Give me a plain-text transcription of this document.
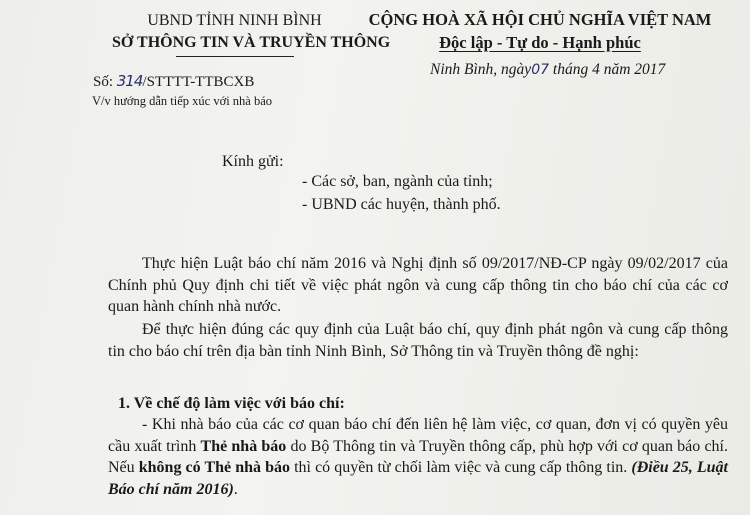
UBND TỈNH NINH BÌNH
SỞ THÔNG TIN VÀ TRUYỀN THÔNG
CỘNG HOÀ XÃ HỘI CHỦ NGHĨA VIỆT NAM
Độc lập - Tự do - Hạnh phúc
Số: 314/STTTT-TTBCXB
V/v hướng dẫn tiếp xúc với nhà báo
Ninh Bình, ngày07 tháng 4 năm 2017
Kính gửi:
- Các sở, ban, ngành của tỉnh;
- UBND các huyện, thành phố.
Thực hiện Luật báo chí năm 2016 và Nghị định số 09/2017/NĐ-CP ngày 09/02/2017 của Chính phủ Quy định chi tiết về việc phát ngôn và cung cấp thông tin cho báo chí của các cơ quan hành chính nhà nước.
Để thực hiện đúng các quy định của Luật báo chí, quy định phát ngôn và cung cấp thông tin cho báo chí trên địa bàn tỉnh Ninh Bình, Sở Thông tin và Truyền thông đề nghị:
1. Về chế độ làm việc với báo chí:
- Khi nhà báo của các cơ quan báo chí đến liên hệ làm việc, cơ quan, đơn vị có quyền yêu cầu xuất trình Thẻ nhà báo do Bộ Thông tin và Truyền thông cấp, phù hợp với cơ quan báo chí. Nếu không có Thẻ nhà báo thì có quyền từ chối làm việc và cung cấp thông tin. (Điều 25, Luật Báo chí năm 2016).
